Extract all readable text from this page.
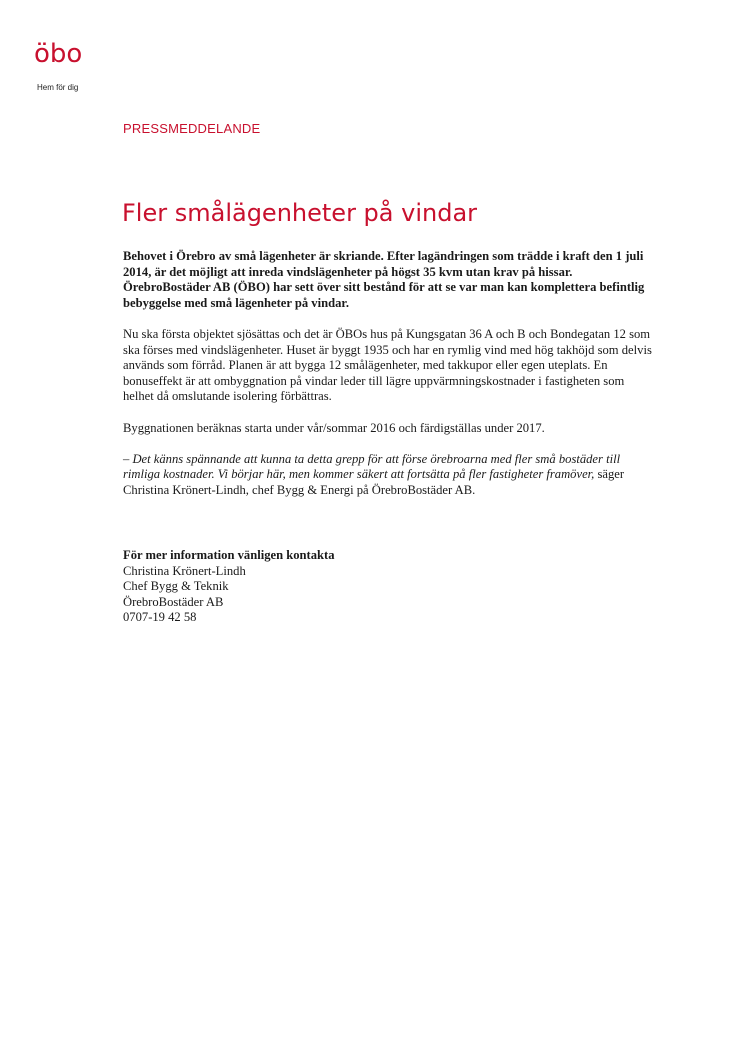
öbo
Hem för dig
PRESSMEDDELANDE
Fler smålägenheter på vindar

Behovet i Örebro av små lägenheter är skriande. Efter lagändringen som trädde i kraft den 1 juli 2014, är det möjligt att inreda vindslägenheter på högst 35 kvm utan krav på hissar. ÖrebroBostäder AB (ÖBO) har sett över sitt bestånd för att se var man kan komplettera befintlig bebyggelse med små lägenheter på vindar.

Nu ska första objektet sjösättas och det är ÖBOs hus på Kungsgatan 36 A och B och Bondegatan 12 som ska förses med vindslägenheter. Huset är byggt 1935 och har en rymlig vind med hög takhöjd som delvis används som förråd. Planen är att bygga 12 smålägenheter, med takkupor eller egen uteplats. En bonuseffekt är att ombyggnation på vindar leder till lägre uppvärmningskostnader i fastigheten som helhet då omslutande isolering förbättras.

Byggnationen beräknas starta under vår/sommar 2016 och färdigställas under 2017.

– Det känns spännande att kunna ta detta grepp för att förse örebroarna med fler små bostäder till rimliga kostnader. Vi börjar här, men kommer säkert att fortsätta på fler fastigheter framöver, säger Christina Krönert-Lindh, chef Bygg & Energi på ÖrebroBostäder AB.

För mer information vänligen kontakta
Christina Krönert-Lindh
Chef Bygg & Teknik
ÖrebroBostäder AB
0707-19 42 58
